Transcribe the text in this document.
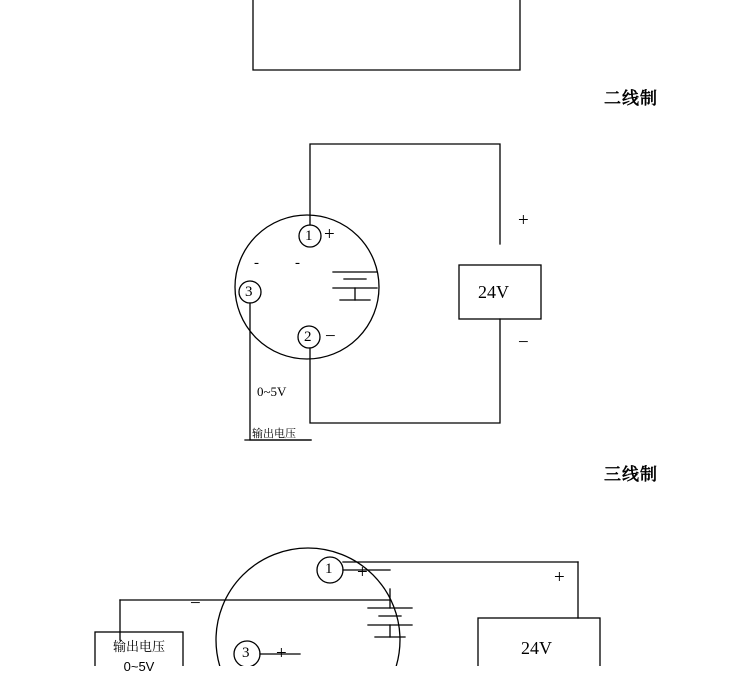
二线制
三线制
1 +
2 −
3
- -
+
24V
−
0~5V
输出电压
1 +
3 +
+
24V
−
输出电压
0~5V
